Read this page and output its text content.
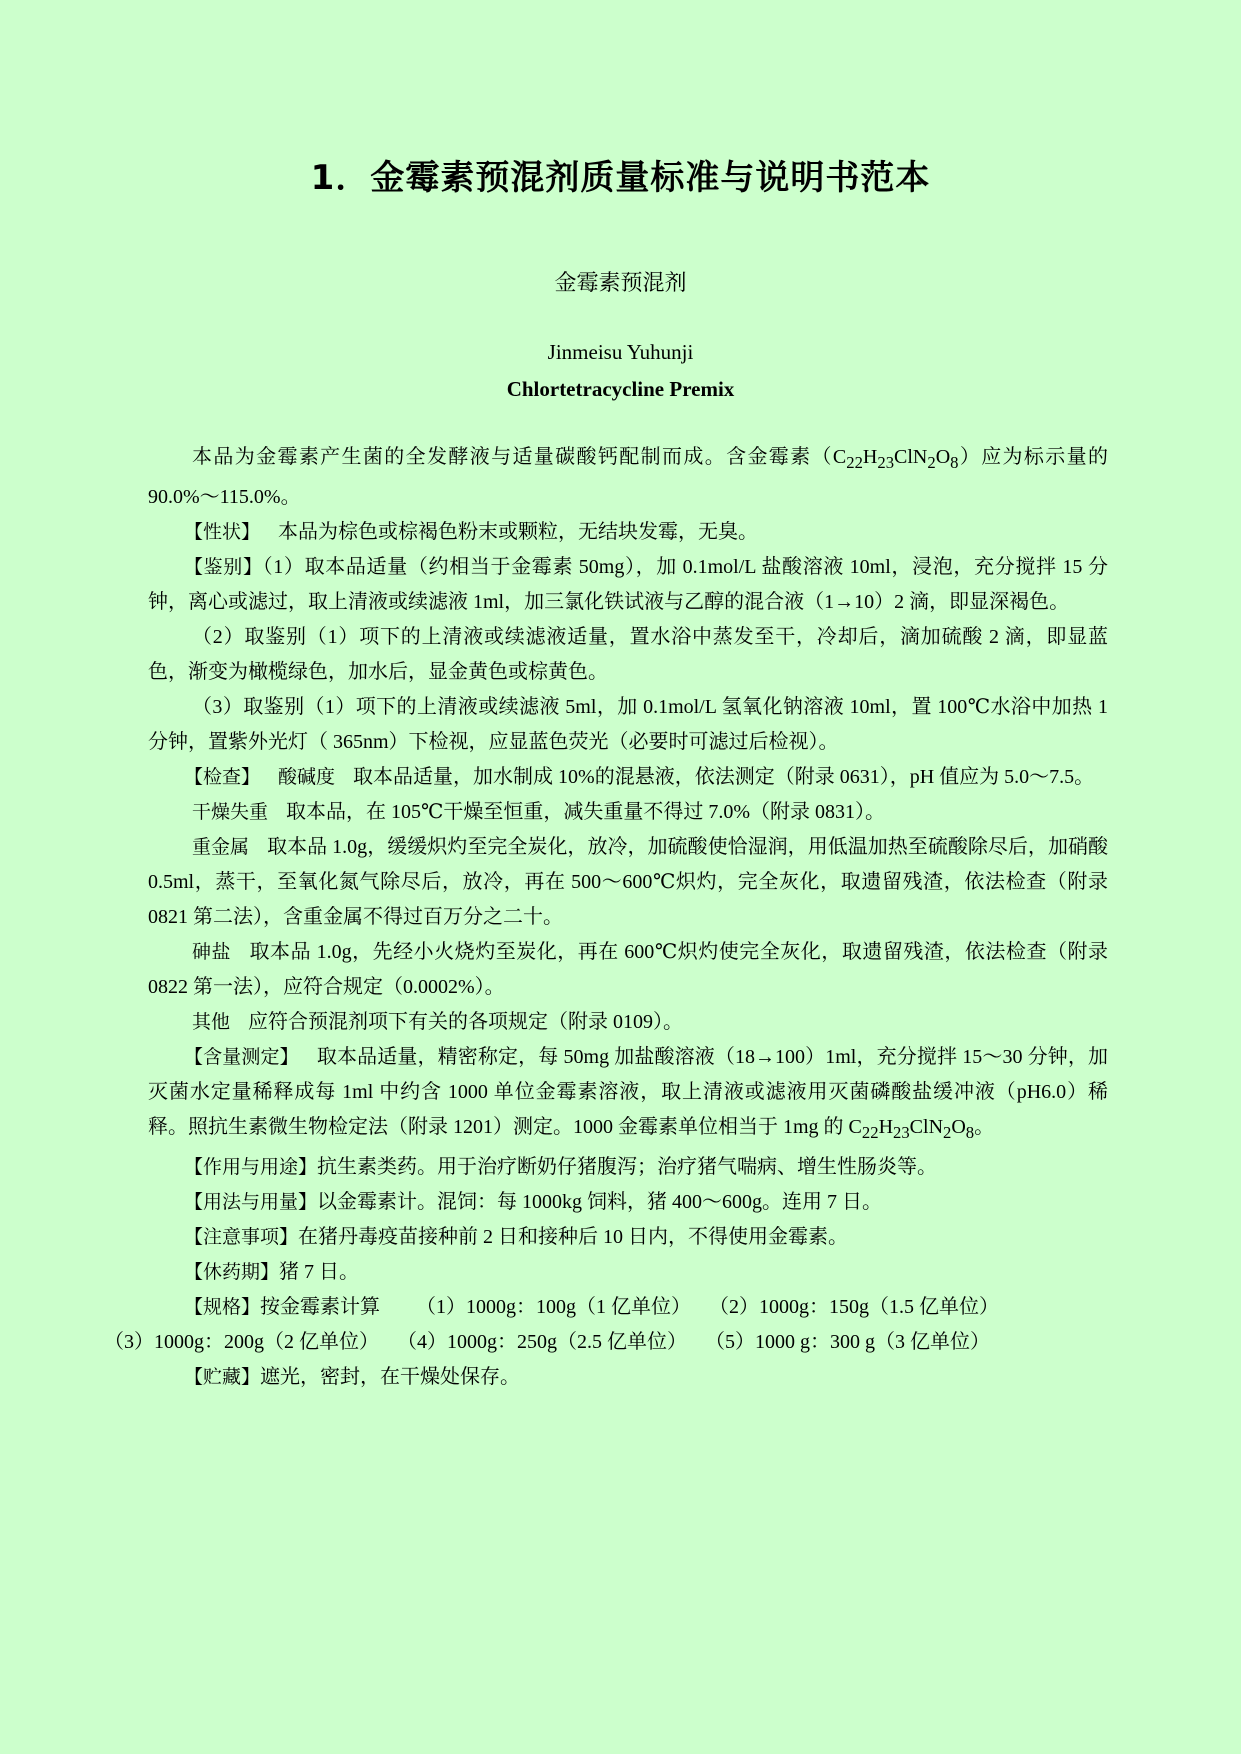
1．金霉素预混剂质量标准与说明书范本
金霉素预混剂
Jinmeisu Yuhunji
Chlortetracycline Premix

本品为金霉素产生菌的全发酵液与适量碳酸钙配制而成。含金霉素$(C_{22}H_{23}ClN_2O_8)$应为标示量的 90.0%～115.0%。

【性状】 本品为棕色或棕褐色粉末或颗粒，无结块发霉，无臭。

【鉴别】（1）取本品适量（约相当于金霉素 50mg），加 0.1mol/L 盐酸溶液 10ml，浸泡，充分搅拌 15 分钟，离心或滤过，取上清液或续滤液 1ml，加三氯化铁试液与乙醇的混合液（1→10）2 滴，即显深褐色。

（2）取鉴别（1）项下的上清液或续滤液适量，置水浴中蒸发至干，冷却后，滴加硫酸 2 滴，即显蓝色，渐变为橄榄绿色，加水后，显金黄色或棕黄色。

（3）取鉴别（1）项下的上清液或续滤液 5ml，加 0.1mol/L 氢氧化钠溶液 10ml，置 100℃水浴中加热 1 分钟，置紫外光灯（ 365nm）下检视，应显蓝色荧光（必要时可滤过后检视）。

【检查】 酸碱度 取本品适量，加水制成 10%的混悬液，依法测定（附录 0631），pH 值应为 5.0～7.5。

干燥失重 取本品，在 105℃干燥至恒重，减失重量不得过 7.0%（附录 0831）。

重金属 取本品 1.0g，缓缓炽灼至完全炭化，放冷，加硫酸使恰湿润，用低温加热至硫酸除尽后，加硝酸 0.5ml，蒸干，至氧化氮气除尽后，放冷，再在 500～600℃炽灼，完全灰化，取遗留残渣，依法检查（附录 0821 第二法），含重金属不得过百万分之二十。

砷盐 取本品 1.0g，先经小火烧灼至炭化，再在 600℃炽灼使完全灰化，取遗留残渣，依法检查（附录 0822 第一法），应符合规定（0.0002%）。

其他 应符合预混剂项下有关的各项规定（附录 0109）。

【含量测定】 取本品适量，精密称定，每 50mg 加盐酸溶液（18→100）1ml，充分搅拌 15～30 分钟，加灭菌水定量稀释成每 1ml 中约含 1000 单位金霉素溶液，取上清液或滤液用灭菌磷酸盐缓冲液（pH6.0）稀释。照抗生素微生物检定法（附录 1201）测定。1000 金霉素单位相当于 1mg 的 $C_{22}H_{23}ClN_2O_8$。

【作用与用途】抗生素类药。用于治疗断奶仔猪腹泻；治疗猪气喘病、增生性肠炎等。

【用法与用量】以金霉素计。混饲：每 1000kg 饲料，猪 400～600g。连用 7 日。

【注意事项】在猪丹毒疫苗接种前 2 日和接种后 10 日内，不得使用金霉素。

【休药期】猪 7 日。

【规格】按金霉素计算 （1）1000g：100g（1 亿单位） （2）1000g：150g（1.5 亿单位）
（3）1000g：200g（2 亿单位） （4）1000g：250g（2.5 亿单位） （5）1000 g：300 g（3 亿单位）

【贮藏】遮光，密封，在干燥处保存。
